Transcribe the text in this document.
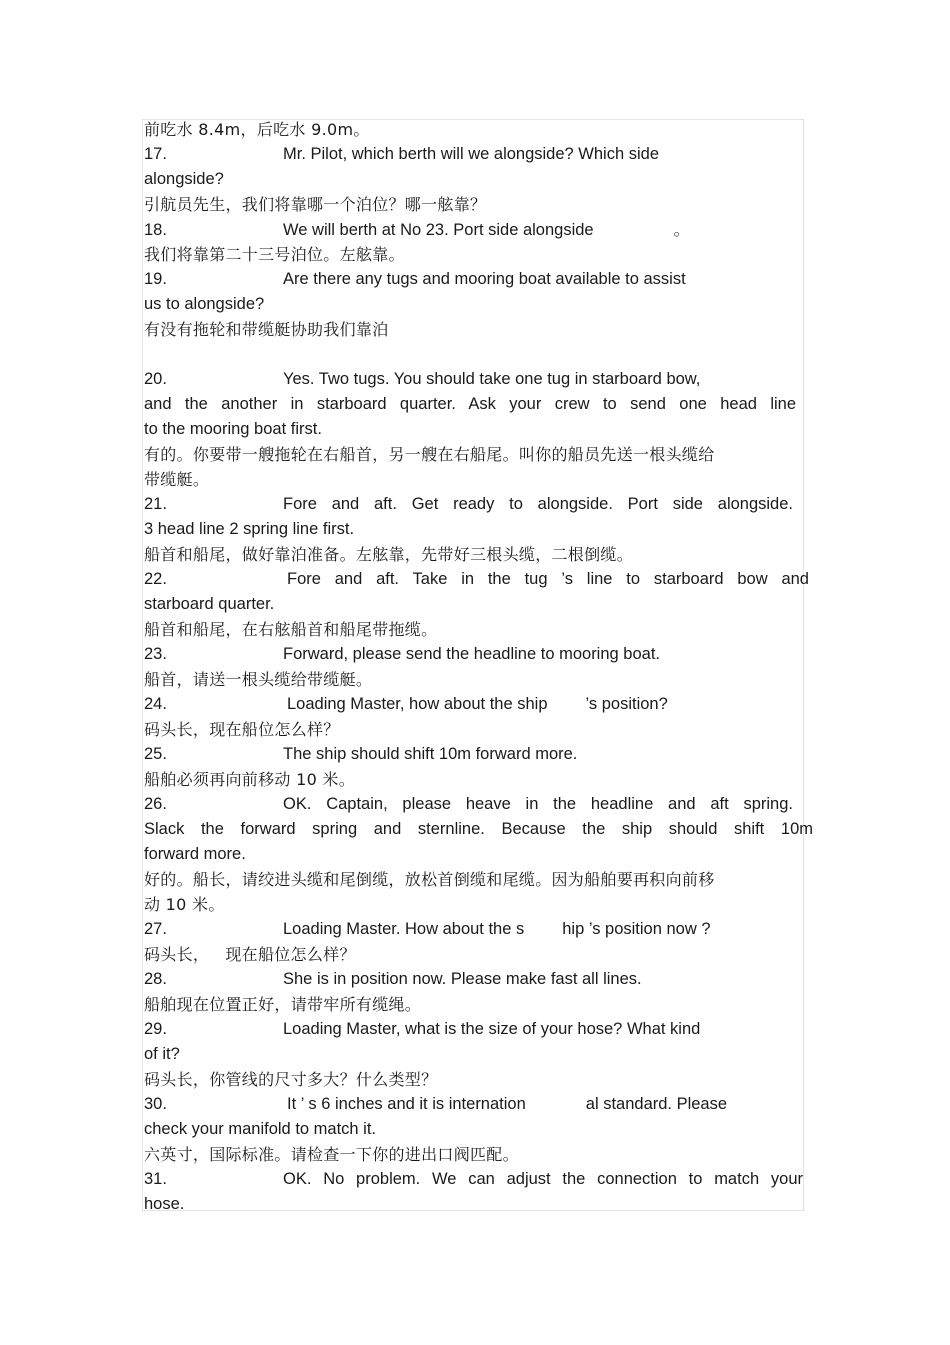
前吃水 8.4m，后吃水 9.0m。
17.	Mr. Pilot, which berth will we alongside? Which side
alongside?
引航员先生，我们将靠哪一个泊位？哪一舷靠？
18.	We will berth at No 23. Port side alongside	。
我们将靠第二十三号泊位。左舷靠。
19.	Are there any tugs and mooring boat available to assist
us to alongside?
有没有拖轮和带缆艇协助我们靠泊
20.	Yes. Two tugs. You should take one tug in starboard bow,
and the another in starboard quarter. Ask your crew to send one head line
to the mooring boat first.
有的。你要带一艘拖轮在右船首，另一艘在右船尾。叫你的船员先送一根头缆给
带缆艇。
21.	Fore and aft. Get ready to alongside. Port side alongside.
3 head line 2 spring line first.
船首和船尾，做好靠泊准备。左舷靠，先带好三根头缆，二根倒缆。
22.	Fore and aft. Take in the tug ’s line to starboard bow and
starboard quarter.
船首和船尾，在右舷船首和船尾带拖缆。
23.	Forward, please send the headline to mooring boat.
船首，请送一根头缆给带缆艇。
24.	Loading Master, how about the ship ’s position?
码头长，现在船位怎么样？
25.	The ship should shift 10m forward more.
船舶必须再向前移动 10 米。
26.	OK. Captain, please heave in the headline and aft spring.
Slack the forward spring and sternline. Because the ship should shift 10m
forward more.
好的。船长，请绞进头缆和尾倒缆，放松首倒缆和尾缆。因为船舶要再积向前移
动 10 米。
27.	Loading Master. How about the s hip ’s position now ?
码头长，   现在船位怎么样？
28.	She is in position now. Please make fast all lines.
船舶现在位置正好，请带牢所有缆绳。
29.	Loading Master, what is the size of your hose? What kind
of it?
码头长，你管线的尺寸多大？什么类型？
30.	It ’ s 6 inches and it is internation	al standard. Please
check your manifold to match it.
六英寸，国际标准。请检查一下你的进出口阀匹配。
31.	OK. No problem. We can adjust the connection to match your
hose.
